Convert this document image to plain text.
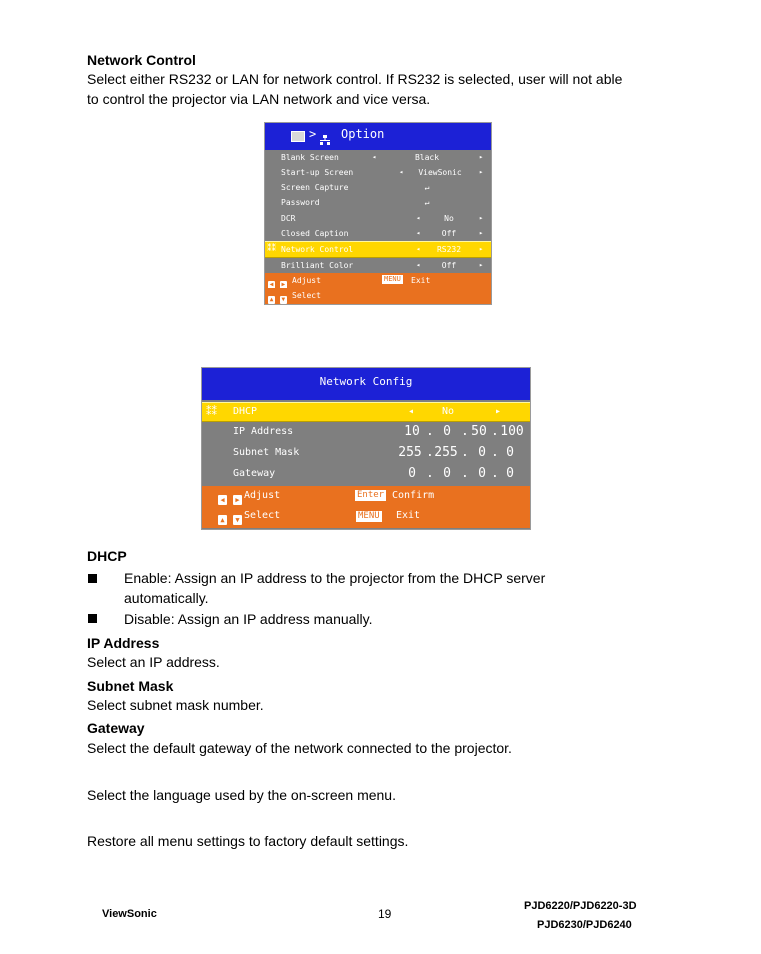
Network Control
Select either RS232 or LAN for network control. If RS232 is selected, user will not able
to control the projector via LAN network and vice versa.
> Option
Blank Screen	◂	Black	▸
Start-up Screen	◂	ViewSonic	▸
Screen Capture	↵
Password	↵
DCR	◂	No	▸
Closed Caption	◂	Off	▸
⁑⁑ Network Control	◂	RS232	▸
Brilliant Color	◂	Off	▸
◀ ▶ Adjust	MENU Exit
▲ ▼ Select
Network Config
⁑⁑ DHCP	◂	No	▸
IP Address	10 . 0 . 50 . 100
Subnet Mask	255 . 255 . 0 . 0
Gateway	0 . 0 . 0 . 0
◀ ▶ Adjust	Enter Confirm
▲ ▼ Select	MENU Exit
DHCP
Enable: Assign an IP address to the projector from the DHCP server
automatically.
Disable: Assign an IP address manually.
IP Address
Select an IP address.
Subnet Mask
Select subnet mask number.
Gateway
Select the default gateway of the network connected to the projector.
Select the language used by the on-screen menu.
Restore all menu settings to factory default settings.
ViewSonic	19
PJD6220/PJD6220-3D
PJD6230/PJD6240
